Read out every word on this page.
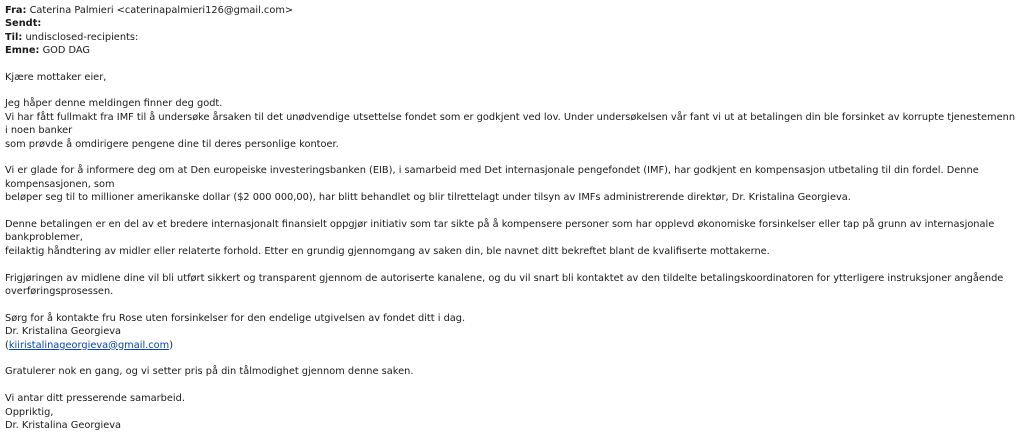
Fra: Caterina Palmieri <caterinapalmieri126@gmail.com>
Sendt:
Til: undisclosed-recipients:
Emne: GOD DAG

Kjære mottaker eier,

Jeg håper denne meldingen finner deg godt.
Vi har fått fullmakt fra IMF til å undersøke årsaken til det unødvendige utsettelse fondet som er godkjent ved lov. Under undersøkelsen vår fant vi ut at betalingen din ble forsinket av korrupte tjenestemenn i noen banker
som prøvde å omdirigere pengene dine til deres personlige kontoer.

Vi er glade for å informere deg om at Den europeiske investeringsbanken (EIB), i samarbeid med Det internasjonale pengefondet (IMF), har godkjent en kompensasjon utbetaling til din fordel. Denne kompensasjonen, som
beløper seg til to millioner amerikanske dollar ($2 000 000,00), har blitt behandlet og blir tilrettelagt under tilsyn av IMFs administrerende direktør, Dr. Kristalina Georgieva.

Denne betalingen er en del av et bredere internasjonalt finansielt oppgjør initiativ som tar sikte på å kompensere personer som har opplevd økonomiske forsinkelser eller tap på grunn av internasjonale bankproblemer,
feilaktig håndtering av midler eller relaterte forhold. Etter en grundig gjennomgang av saken din, ble navnet ditt bekreftet blant de kvalifiserte mottakerne.

Frigjøringen av midlene dine vil bli utført sikkert og transparent gjennom de autoriserte kanalene, og du vil snart bli kontaktet av den tildelte betalingskoordinatoren for ytterligere instruksjoner angående
overføringsprosessen.

Sørg for å kontakte fru Rose uten forsinkelser for den endelige utgivelsen av fondet ditt i dag.
Dr. Kristalina Georgieva
(kiiristalinageorgieva@gmail.com)

Gratulerer nok en gang, og vi setter pris på din tålmodighet gjennom denne saken.

Vi antar ditt presserende samarbeid.
Oppriktig,
Dr. Kristalina Georgieva
